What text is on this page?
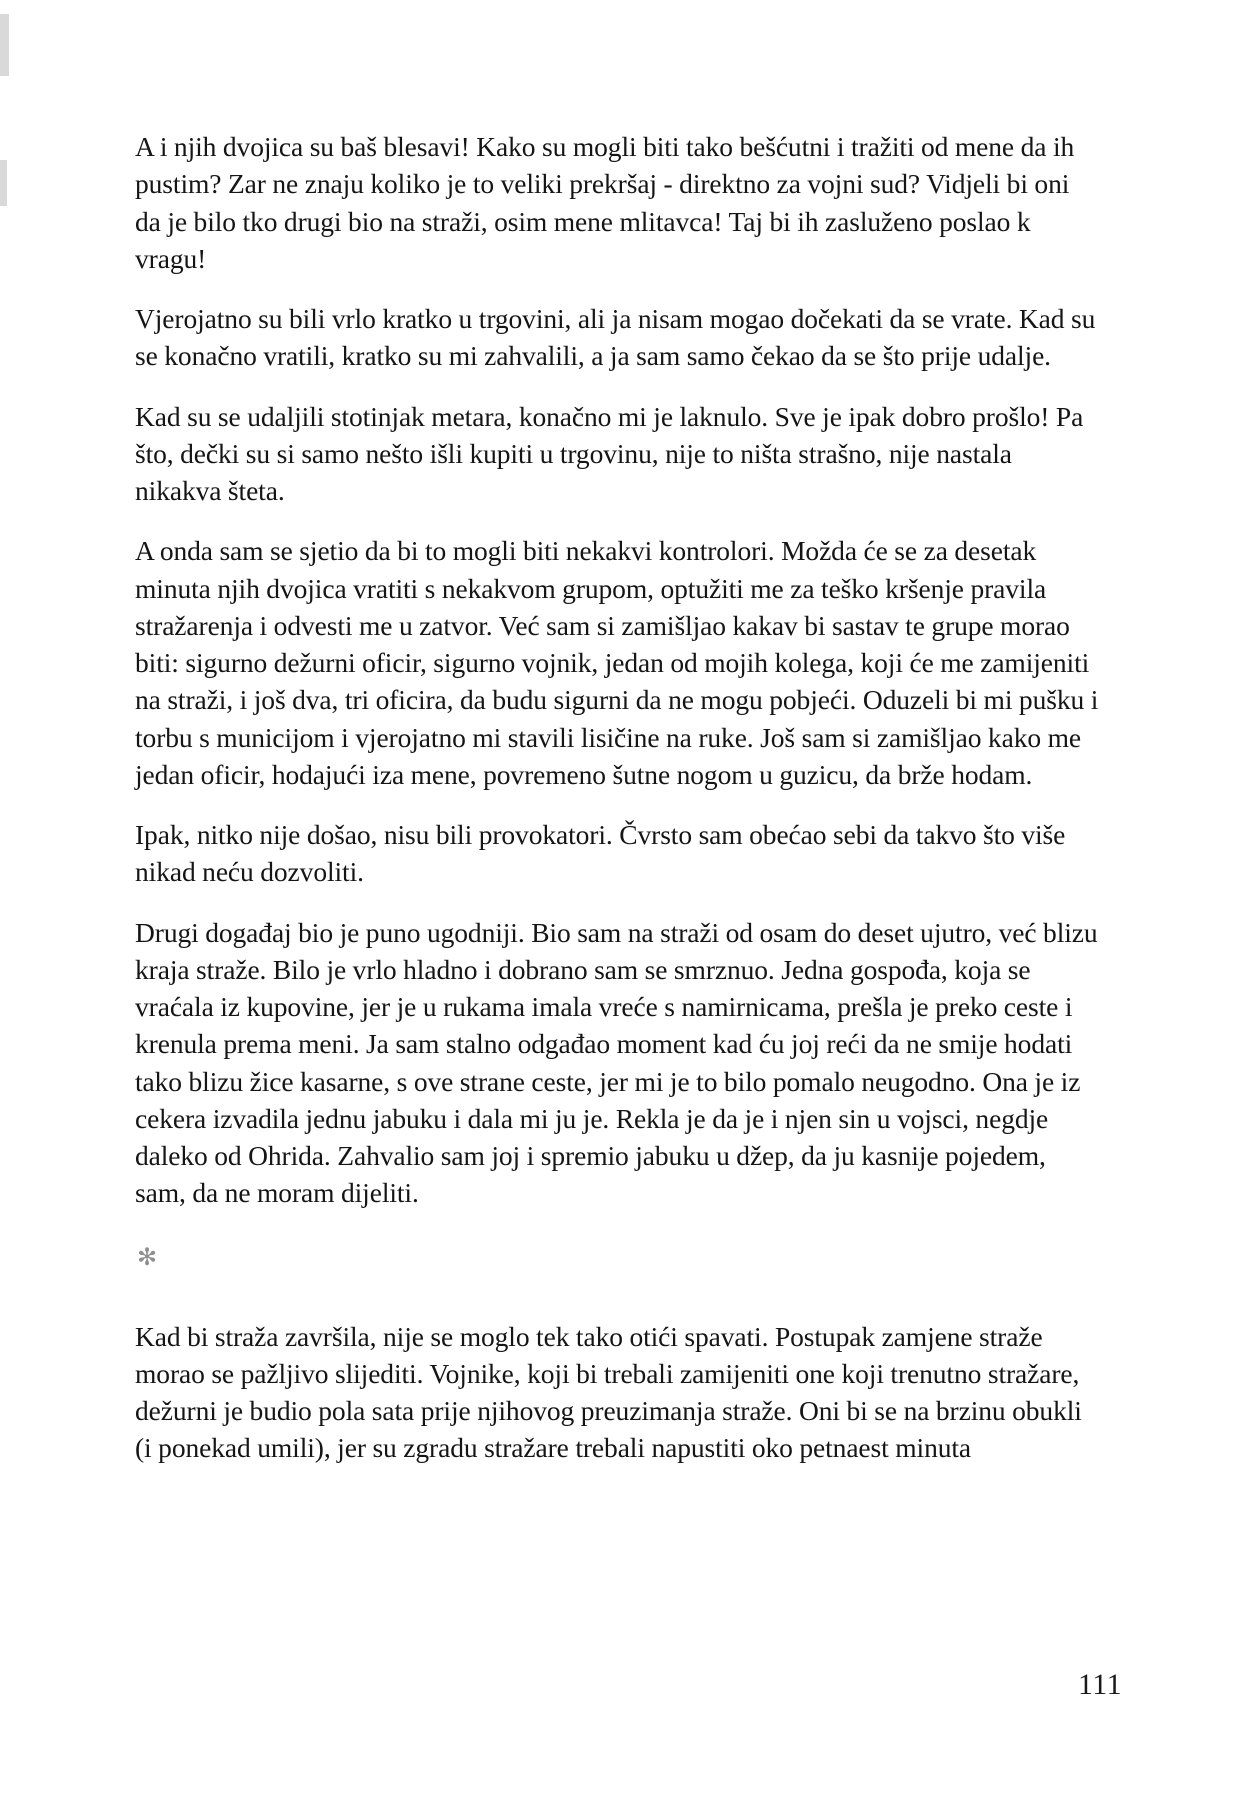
A i njih dvojica su baš blesavi! Kako su mogli biti tako bešćutni i tražiti od mene da ih pustim? Zar ne znaju koliko je to veliki prekršaj - direktno za vojni sud? Vidjeli bi oni da je bilo tko drugi bio na straži, osim mene mlitavca! Taj bi ih zasluženo poslao k vragu!

Vjerojatno su bili vrlo kratko u trgovini, ali ja nisam mogao dočekati da se vrate. Kad su se konačno vratili, kratko su mi zahvalili, a ja sam samo čekao da se što prije udalje.

Kad su se udaljili stotinjak metara, konačno mi je laknulo. Sve je ipak dobro prošlo! Pa što, dečki su si samo nešto išli kupiti u trgovinu, nije to ništa strašno, nije nastala nikakva šteta.

A onda sam se sjetio da bi to mogli biti nekakvi kontrolori. Možda će se za desetak minuta njih dvojica vratiti s nekakvom grupom, optužiti me za teško kršenje pravila stražarenja i odvesti me u zatvor. Već sam si zamišljao kakav bi sastav te grupe morao biti: sigurno dežurni oficir, sigurno vojnik, jedan od mojih kolega, koji će me zamijeniti na straži, i još dva, tri oficira, da budu sigurni da ne mogu pobjeći. Oduzeli bi mi pušku i torbu s municijom i vjerojatno mi stavili lisičine na ruke. Još sam si zamišljao kako me jedan oficir, hodajući iza mene, povremeno šutne nogom u guzicu, da brže hodam.

Ipak, nitko nije došao, nisu bili provokatori. Čvrsto sam obećao sebi da takvo što više nikad neću dozvoliti.

Drugi događaj bio je puno ugodniji. Bio sam na straži od osam do deset ujutro, već blizu kraja straže. Bilo je vrlo hladno i dobrano sam se smrznuo. Jedna gospođa, koja se vraćala iz kupovine, jer je u rukama imala vreće s namirnicama, prešla je preko ceste i krenula prema meni. Ja sam stalno odgađao moment kad ću joj reći da ne smije hodati tako blizu žice kasarne, s ove strane ceste, jer mi je to bilo pomalo neugodno. Ona je iz cekera izvadila jednu jabuku i dala mi ju je. Rekla je da je i njen sin u vojsci, negdje daleko od Ohrida. Zahvalio sam joj i spremio jabuku u džep, da ju kasnije pojedem, sam, da ne moram dijeliti.

✻

Kad bi straža završila, nije se moglo tek tako otići spavati. Postupak zamjene straže morao se pažljivo slijediti. Vojnike, koji bi trebali zamijeniti one koji trenutno stražare, dežurni je budio pola sata prije njihovog preuzimanja straže. Oni bi se na brzinu obukli (i ponekad umili), jer su zgradu stražare trebali napustiti oko petnaest minuta

111
